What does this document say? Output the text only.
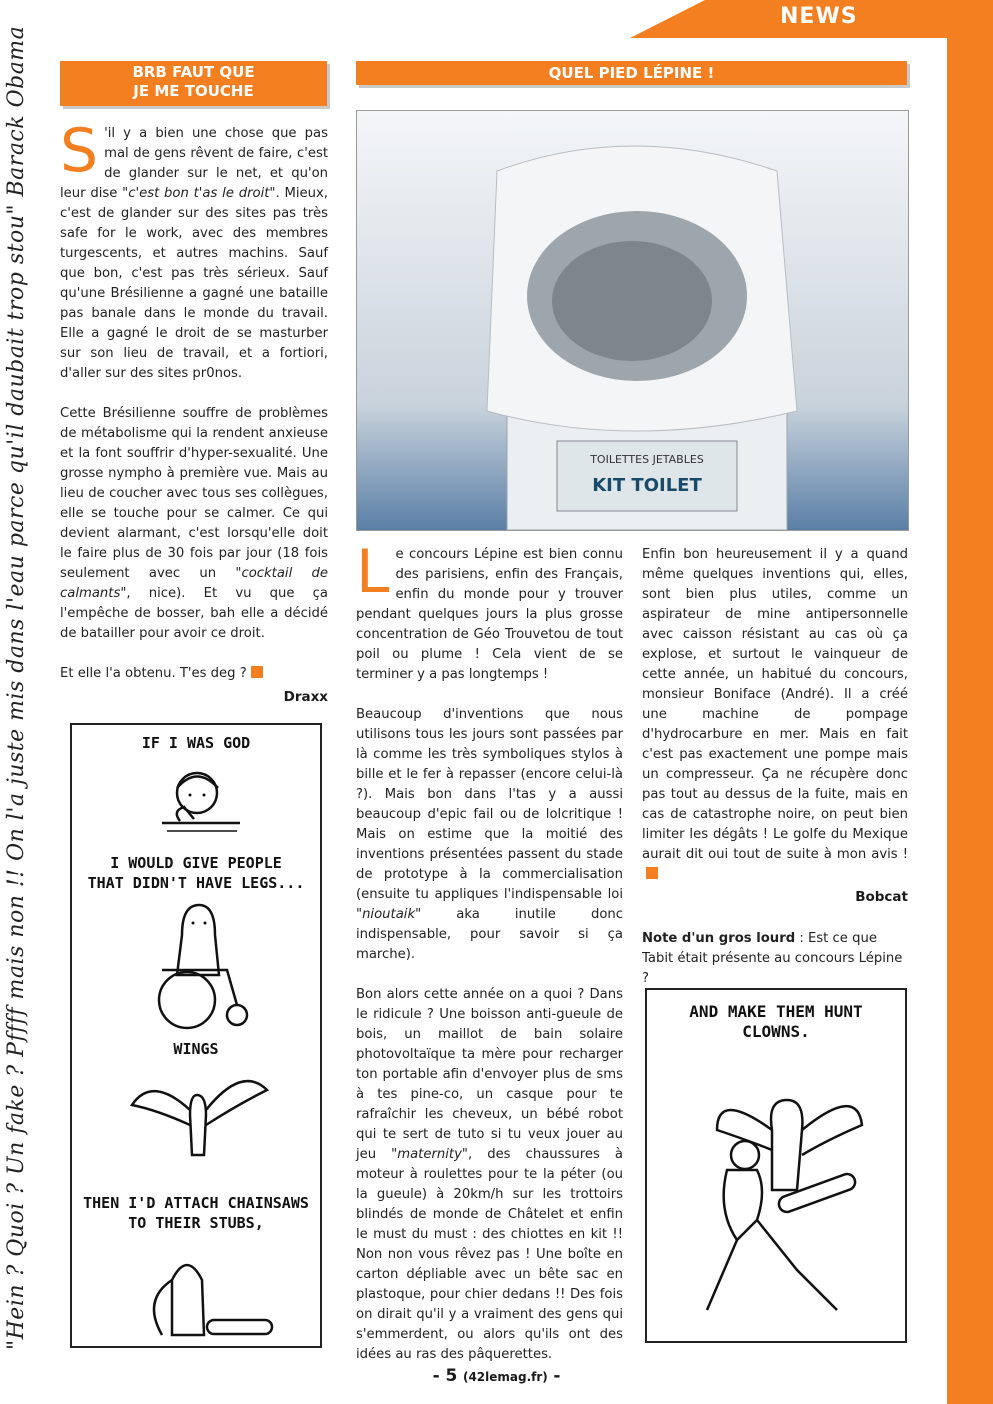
NEWS
"Hein ? Quoi ? Un fake ? Pffff mais non !! On l'a juste mis dans l'eau parce qu'il daubait trop stou" Barack Obama	BRB FAUT QUE
JE ME TOUCHE

S 'il y a bien une chose que pas mal de gens rêvent de faire, c'est de glander sur le net, et qu'on leur dise "c'est bon t'as le droit". Mieux, c'est de glander sur des sites pas très safe for le work, avec des membres turgescents, et autres machins. Sauf que bon, c'est pas très sérieux. Sauf qu'une Brésilienne a gagné une bataille pas banale dans le monde du travail. Elle a gagné le droit de se masturber sur son lieu de travail, et a fortiori, d'aller sur des sites pr0nos.

Cette Brésilienne souffre de problèmes de métabolisme qui la rendent anxieuse et la font souffrir d'hyper-sexualité. Une grosse nympho à première vue. Mais au lieu de coucher avec tous ses collègues, elle se touche pour se calmer. Ce qui devient alarmant, c'est lorsqu'elle doit le faire plus de 30 fois par jour (18 fois seulement avec un "cocktail de calmants", nice). Et vu que ça l'empêche de bosser, bah elle a décidé de batailler pour avoir ce droit.

Et elle l'a obtenu. T'es deg ?

Draxx
IF I WAS GOD
I WOULD GIVE PEOPLE
THAT DIDN'T HAVE LEGS...
WINGS
THEN I'D ATTACH CHAINSAWS
TO THEIR STUBS,
QUEL PIED LÉPINE !
TOILETTES JETABLES
KIT TOILET

L e concours Lépine est bien connu des parisiens, enfin des Français, enfin du monde pour y trouver pendant quelques jours la plus grosse concentration de Géo Trouvetou de tout poil ou plume ! Cela vient de se terminer y a pas longtemps !

Beaucoup d'inventions que nous utilisons tous les jours sont passées par là comme les très symboliques stylos à bille et le fer à repasser (encore celui-là ?). Mais bon dans l'tas y a aussi beaucoup d'epic fail ou de lolcritique ! Mais on estime que la moitié des inventions présentées passent du stade de prototype à la commercialisation (ensuite tu appliques l'indispensable loi "nioutaik" aka inutile donc indispensable, pour savoir si ça marche).

Bon alors cette année on a quoi ? Dans le ridicule ? Une boisson anti-gueule de bois, un maillot de bain solaire photovoltaïque ta mère pour recharger ton portable afin d'envoyer plus de sms à tes pine-co, un casque pour te rafraîchir les cheveux, un bébé robot qui te sert de tuto si tu veux jouer au jeu "maternity", des chaussures à moteur à roulettes pour te la péter (ou la gueule) à 20km/h sur les trottoirs blindés de monde de Châtelet et enfin le must du must : des chiottes en kit !! Non non vous rêvez pas ! Une boîte en carton dépliable avec un bête sac en plastoque, pour chier dedans !! Des fois on dirait qu'il y a vraiment des gens qui s'emmerdent, ou alors qu'ils ont des idées au ras des pâquerettes.

Enfin bon heureusement il y a quand même quelques inventions qui, elles, sont bien plus utiles, comme un aspirateur de mine antipersonnelle avec caisson résistant au cas où ça explose, et surtout le vainqueur de cette année, un habitué du concours, monsieur Boniface (André). Il a créé une machine de pompage d'hydrocarbure en mer. Mais en fait c'est pas exactement une pompe mais un compresseur. Ça ne récupère donc pas tout au dessus de la fuite, mais en cas de catastrophe noire, on peut bien limiter les dégâts ! Le golfe du Mexique aurait dit oui tout de suite à mon avis !

Bobcat
Note d'un gros lourd : Est ce que Tabit était présente au concours Lépine ?
AND MAKE THEM HUNT
CLOWNS.
- 5 (42lemag.fr) -
